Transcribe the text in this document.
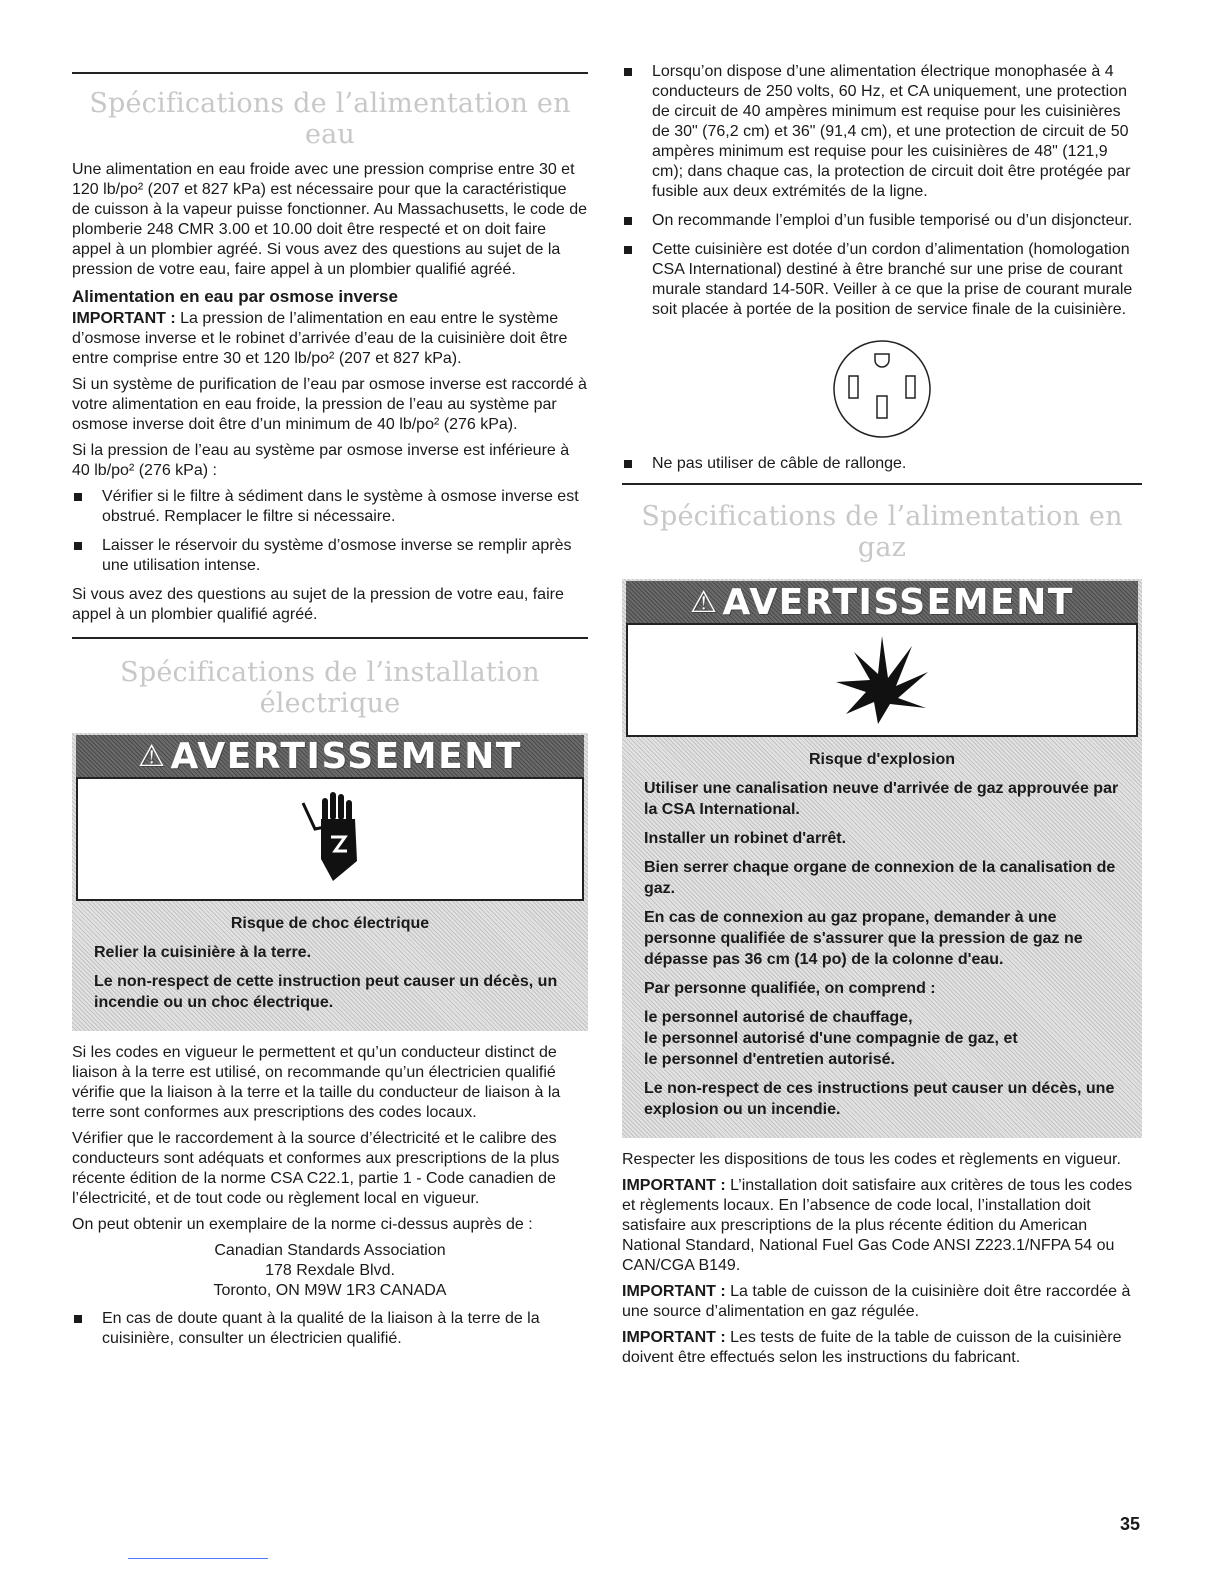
Spécifications de l’alimentation en eau

Une alimentation en eau froide avec une pression comprise entre 30 et 120 lb/po² (207 et 827 kPa) est nécessaire pour que la caractéristique de cuisson à la vapeur puisse fonctionner. Au Massachusetts, le code de plomberie 248 CMR 3.00 et 10.00 doit être respecté et on doit faire appel à un plombier agréé. Si vous avez des questions au sujet de la pression de votre eau, faire appel à un plombier qualifié agréé.

Alimentation en eau par osmose inverse

IMPORTANT : La pression de l’alimentation en eau entre le système d’osmose inverse et le robinet d’arrivée d’eau de la cuisinière doit être entre comprise entre 30 et 120 lb/po² (207 et 827 kPa).

Si un système de purification de l’eau par osmose inverse est raccordé à votre alimentation en eau froide, la pression de l’eau au système par osmose inverse doit être d’un minimum de 40 lb/po² (276 kPa).

Si la pression de l’eau au système par osmose inverse est inférieure à 40 lb/po² (276 kPa) :

Vérifier si le filtre à sédiment dans le système à osmose inverse est obstrué. Remplacer le filtre si nécessaire.
Laisser le réservoir du système d’osmose inverse se remplir après une utilisation intense.

Si vous avez des questions au sujet de la pression de votre eau, faire appel à un plombier qualifié agréé.

Spécifications de l’installation électrique
⚠ AVERTISSEMENT

Risque de choc électrique

Relier la cuisinière à la terre.

Le non-respect de cette instruction peut causer un décès, un incendie ou un choc électrique.

Si les codes en vigueur le permettent et qu’un conducteur distinct de liaison à la terre est utilisé, on recommande qu’un électricien qualifié vérifie que la liaison à la terre et la taille du conducteur de liaison à la terre sont conformes aux prescriptions des codes locaux.

Vérifier que le raccordement à la source d’électricité et le calibre des conducteurs sont adéquats et conformes aux prescriptions de la plus récente édition de la norme CSA C22.1, partie 1 - Code canadien de l’électricité, et de tout code ou règlement local en vigueur.

On peut obtenir un exemplaire de la norme ci-dessus auprès de :

Canadian Standards Association
178 Rexdale Blvd.
Toronto, ON M9W 1R3 CANADA
En cas de doute quant à la qualité de la liaison à la terre de la cuisinière, consulter un électricien qualifié.
Lorsqu’on dispose d’une alimentation électrique monophasée à 4 conducteurs de 250 volts, 60 Hz, et CA uniquement, une protection de circuit de 40 ampères minimum est requise pour les cuisinières de 30" (76,2 cm) et 36" (91,4 cm), et une protection de circuit de 50 ampères minimum est requise pour les cuisinières de 48" (121,9 cm); dans chaque cas, la protection de circuit doit être protégée par fusible aux deux extrémités de la ligne.
On recommande l’emploi d’un fusible temporisé ou d’un disjoncteur.
Cette cuisinière est dotée d’un cordon d’alimentation (homologation CSA International) destiné à être branché sur une prise de courant murale standard 14-50R. Veiller à ce que la prise de courant murale soit placée à portée de la position de service finale de la cuisinière.
Ne pas utiliser de câble de rallonge.
Spécifications de l’alimentation en gaz
⚠ AVERTISSEMENT

Risque d'explosion

Utiliser une canalisation neuve d'arrivée de gaz approuvée par la CSA International.

Installer un robinet d'arrêt.

Bien serrer chaque organe de connexion de la canalisation de gaz.

En cas de connexion au gaz propane, demander à une personne qualifiée de s'assurer que la pression de gaz ne dépasse pas 36 cm (14 po) de la colonne d'eau.

Par personne qualifiée, on comprend :

le personnel autorisé de chauffage,
le personnel autorisé d'une compagnie de gaz, et
le personnel d'entretien autorisé.

Le non-respect de ces instructions peut causer un décès, une explosion ou un incendie.

Respecter les dispositions de tous les codes et règlements en vigueur.

IMPORTANT : L’installation doit satisfaire aux critères de tous les codes et règlements locaux. En l’absence de code local, l’installation doit satisfaire aux prescriptions de la plus récente édition du American National Standard, National Fuel Gas Code ANSI Z223.1/NFPA 54 ou CAN/CGA B149.

IMPORTANT : La table de cuisson de la cuisinière doit être raccordée à une source d’alimentation en gaz régulée.

IMPORTANT : Les tests de fuite de la table de cuisson de la cuisinière doivent être effectués selon les instructions du fabricant.

35
